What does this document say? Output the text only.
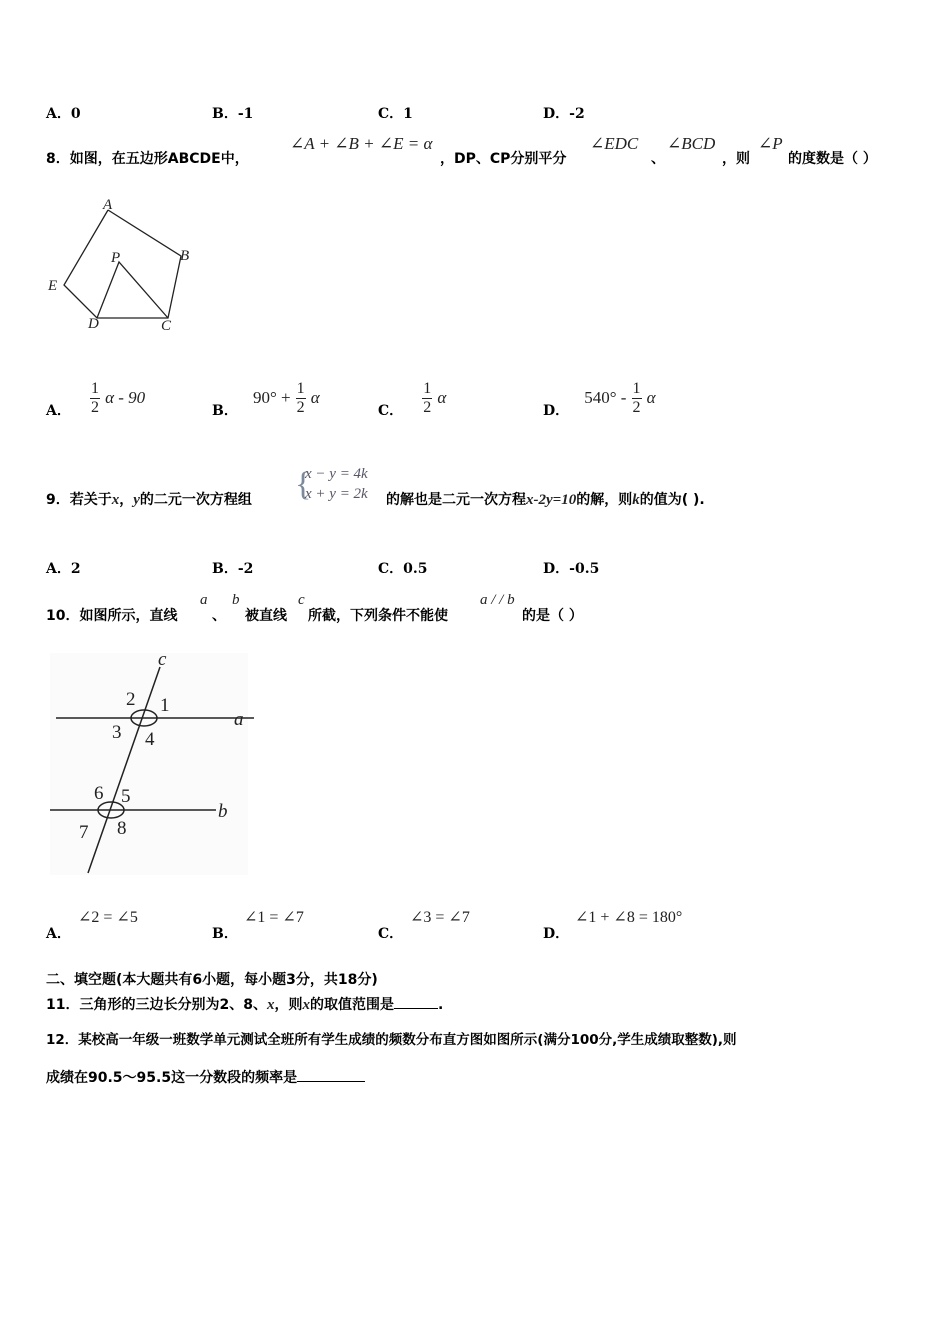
A．0	B．-1	C．1	D．-2
8．如图，在五边形ABCDE中，
∠A + ∠B + ∠E = α
，DP、CP分别平分
∠EDC
、
∠BCD
，则
∠P
的度数是（ ）
A
B
C
D
E
P
A． $\frac{1}{2}$ α - 90
B． $90^\circ + \frac{1}{2}$ α
C． $\frac{1}{2}$ α
D． $540^\circ - \frac{1}{2}$ α
9．若关于x，y的二元一次方程组 {
x − y = 4k
x + y = 2k 的解也是二元一次方程x-2y=10的解，则k的值为( ).
A．2	B．-2	C．0.5	D．-0.5
10．如图所示，直线
a
、
b
被直线
c
所截，下列条件不能使
a / / b
的是（ ）
c
a
b
2 1
3 4
6 5
7 8
A．
∠2 = ∠5
B．
∠1 = ∠7
C．
∠3 = ∠7
D．
∠1 + ∠8 = 180°
二、填空题(本大题共有6小题，每小题3分，共18分)
11．三角形的三边长分别为2、8、x，则x的取值范围是	.
12．某校高一年级一班数学单元测试全班所有学生成绩的频数分布直方图如图所示(满分100分,学生成绩取整数),则
成绩在90.5～95.5这一分数段的频率是
